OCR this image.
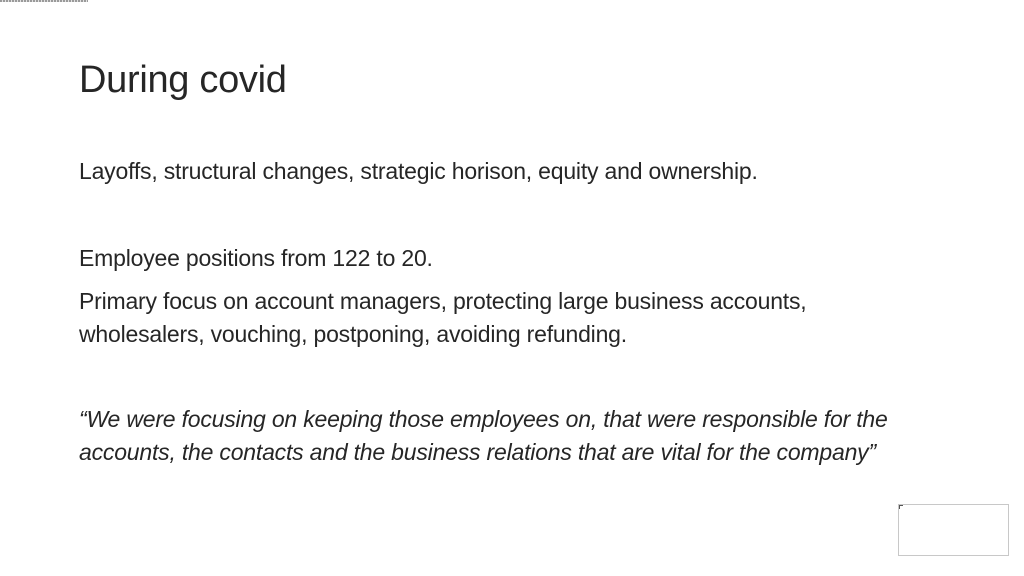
During covid

Layoffs, structural changes, strategic horison, equity and ownership.

Employee positions from 122 to 20.

Primary focus on account managers, protecting large business accounts, wholesalers, vouching, postponing, avoiding refunding.

“We were focusing on keeping those employees on, that were responsible for the accounts, the contacts and the business relations that are vital for the company”
